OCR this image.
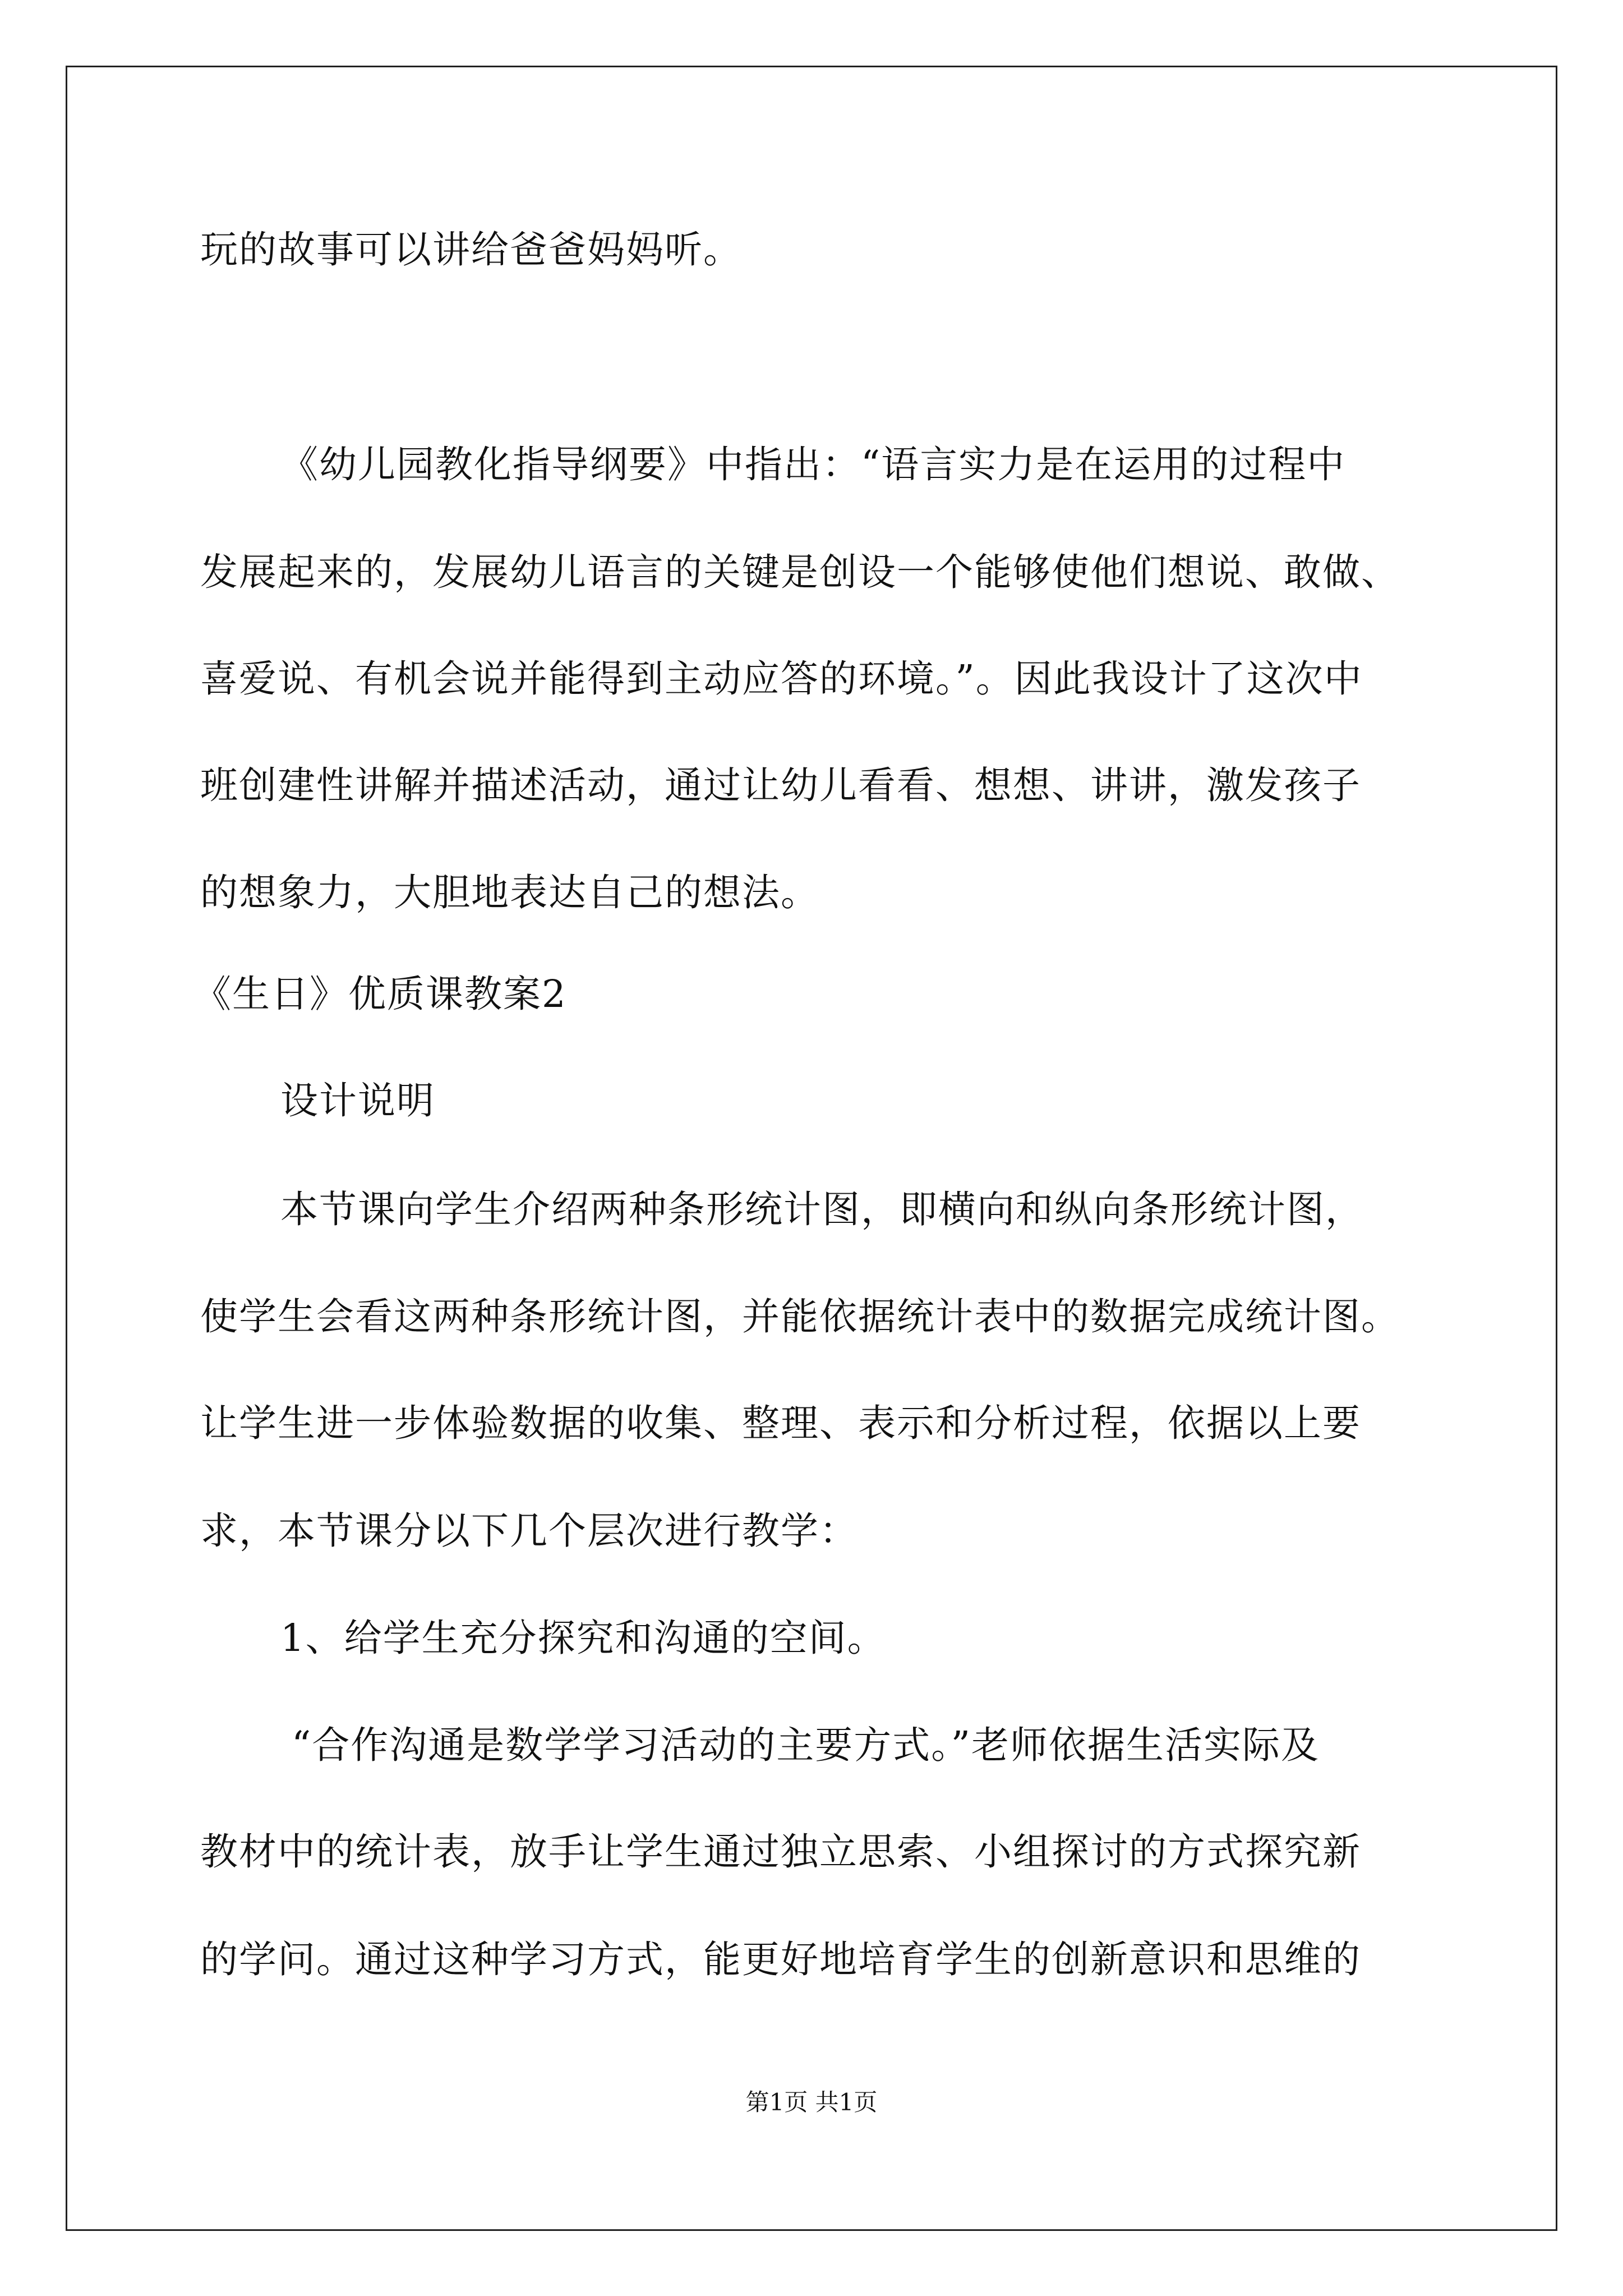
玩的故事可以讲给爸爸妈妈听。
《幼儿园教化指导纲要》中指出：“语言实力是在运用的过程中
发展起来的，发展幼儿语言的关键是创设一个能够使他们想说、敢做、
喜爱说、有机会说并能得到主动应答的环境。”。因此我设计了这次中
班创建性讲解并描述活动，通过让幼儿看看、想想、讲讲，激发孩子
的想象力，大胆地表达自己的想法。
《生日》优质课教案2
设计说明
本节课向学生介绍两种条形统计图，即横向和纵向条形统计图，
使学生会看这两种条形统计图，并能依据统计表中的数据完成统计图。
让学生进一步体验数据的收集、整理、表示和分析过程，依据以上要
求，本节课分以下几个层次进行教学：
1、给学生充分探究和沟通的空间。
“合作沟通是数学学习活动的主要方式。”老师依据生活实际及
教材中的统计表，放手让学生通过独立思索、小组探讨的方式探究新
的学问。通过这种学习方式，能更好地培育学生的创新意识和思维的
第1页 共1页
